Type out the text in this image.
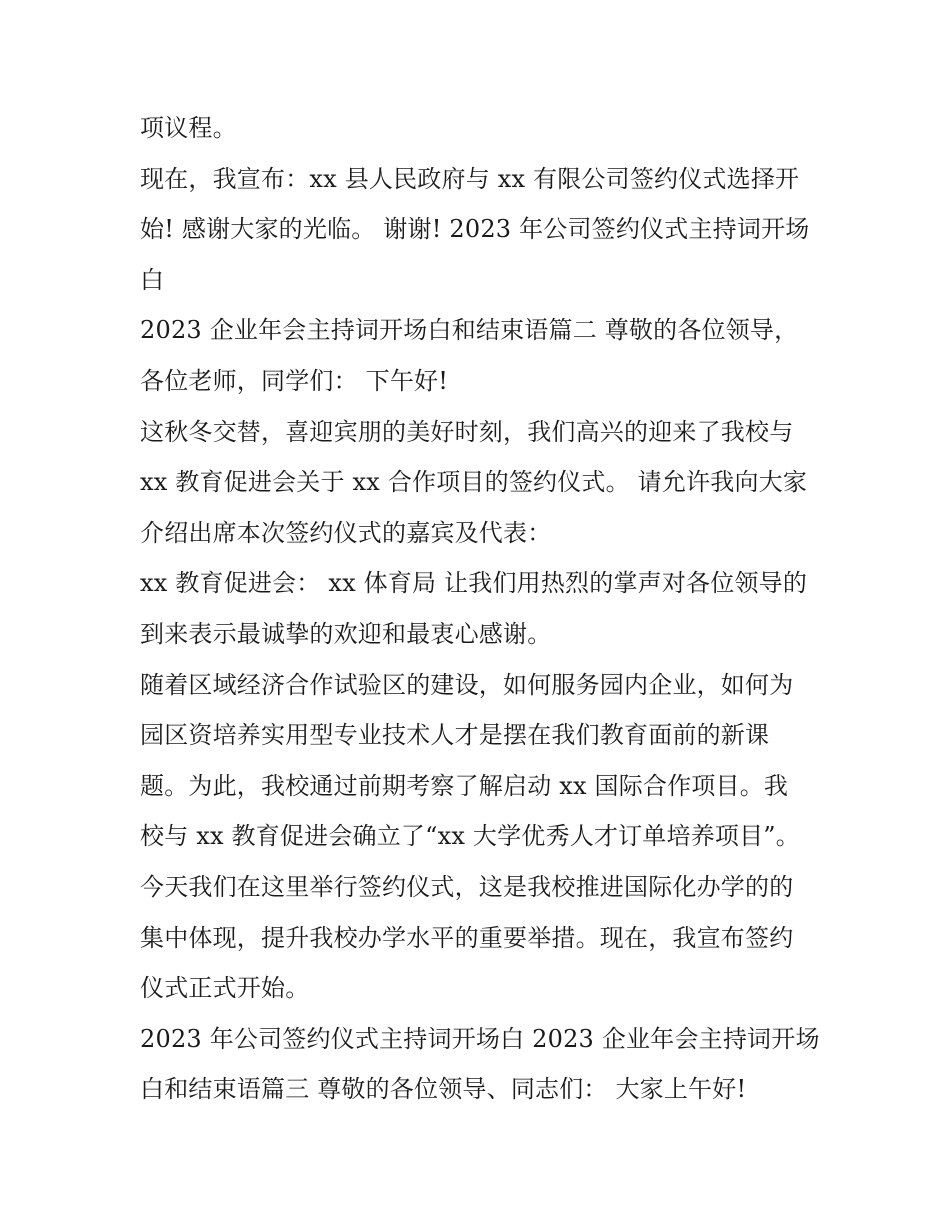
项议程。
现在，我宣布：xx 县人民政府与 xx 有限公司签约仪式选择开
始! 感谢大家的光临。 谢谢! 2023 年公司签约仪式主持词开场
白
2023 企业年会主持词开场白和结束语篇二 尊敬的各位领导，
各位老师，同学们： 下午好!
这秋冬交替，喜迎宾朋的美好时刻，我们高兴的迎来了我校与
xx 教育促进会关于 xx 合作项目的签约仪式。 请允许我向大家
介绍出席本次签约仪式的嘉宾及代表：
xx 教育促进会： xx 体育局 让我们用热烈的掌声对各位领导的
到来表示最诚挚的欢迎和最衷心感谢。
随着区域经济合作试验区的建设，如何服务园内企业，如何为
园区资培养实用型专业技术人才是摆在我们教育面前的新课
题。为此，我校通过前期考察了解启动 xx 国际合作项目。我
校与 xx 教育促进会确立了“xx 大学优秀人才订单培养项目”。
今天我们在这里举行签约仪式，这是我校推进国际化办学的的
集中体现，提升我校办学水平的重要举措。现在，我宣布签约
仪式正式开始。
2023 年公司签约仪式主持词开场白 2023 企业年会主持词开场
白和结束语篇三 尊敬的各位领导、同志们： 大家上午好!
